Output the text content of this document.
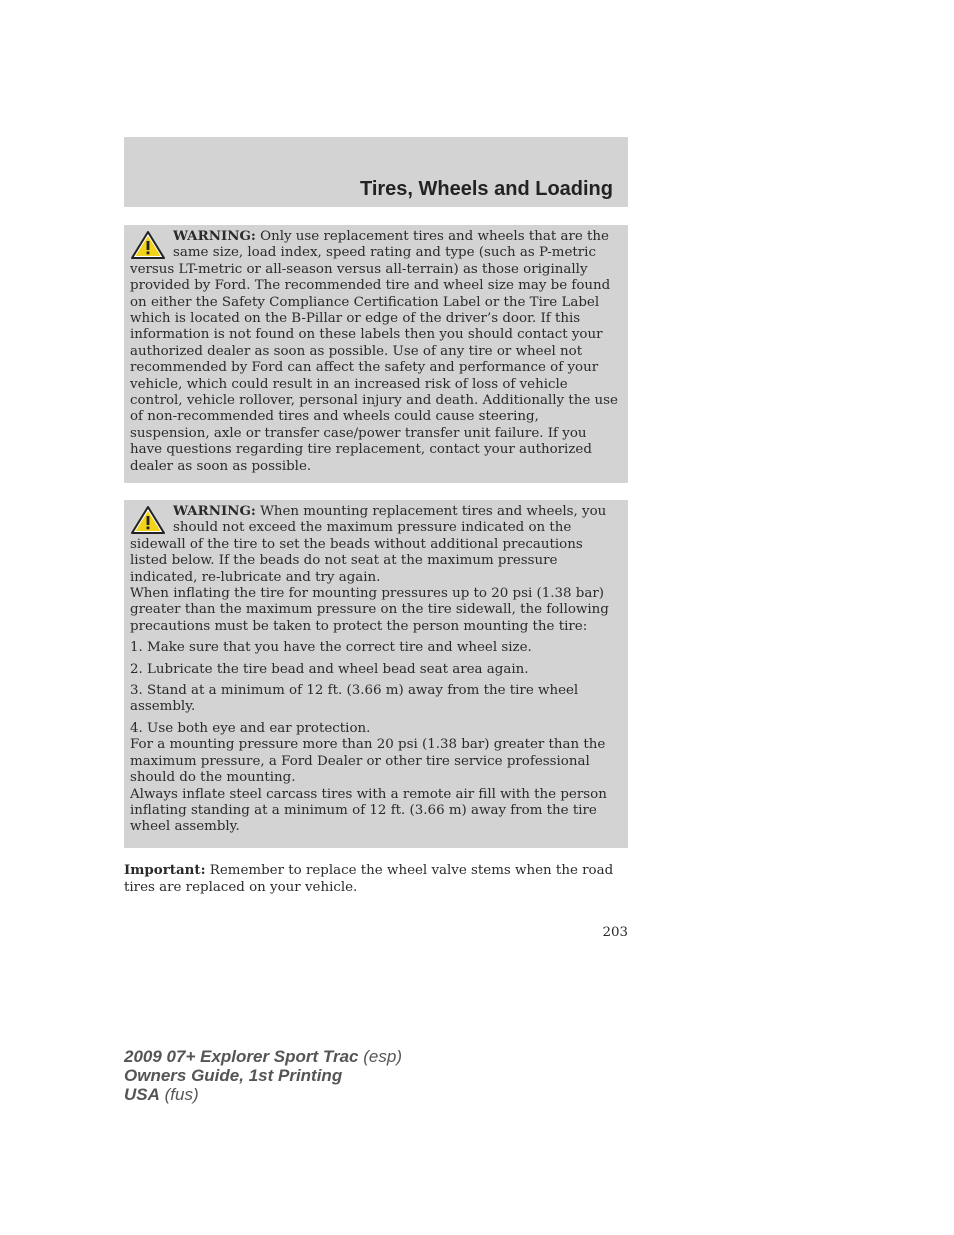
Tires, Wheels and Loading

WARNING: Only use replacement tires and wheels that are the same size, load index, speed rating and type (such as P-metric versus LT-metric or all-season versus all-terrain) as those originally provided by Ford. The recommended tire and wheel size may be found on either the Safety Compliance Certification Label or the Tire Label which is located on the B-Pillar or edge of the driver’s door. If this information is not found on these labels then you should contact your authorized dealer as soon as possible. Use of any tire or wheel not recommended by Ford can affect the safety and performance of your vehicle, which could result in an increased risk of loss of vehicle control, vehicle rollover, personal injury and death. Additionally the use of non-recommended tires and wheels could cause steering, suspension, axle or transfer case/power transfer unit failure. If you have questions regarding tire replacement, contact your authorized dealer as soon as possible.

WARNING: When mounting replacement tires and wheels, you should not exceed the maximum pressure indicated on the sidewall of the tire to set the beads without additional precautions listed below. If the beads do not seat at the maximum pressure indicated, re-lubricate and try again.

When inflating the tire for mounting pressures up to 20 psi (1.38 bar) greater than the maximum pressure on the tire sidewall, the following precautions must be taken to protect the person mounting the tire:

1. Make sure that you have the correct tire and wheel size.

2. Lubricate the tire bead and wheel bead seat area again.

3. Stand at a minimum of 12 ft. (3.66 m) away from the tire wheel assembly.

4. Use both eye and ear protection.

For a mounting pressure more than 20 psi (1.38 bar) greater than the maximum pressure, a Ford Dealer or other tire service professional should do the mounting.

Always inflate steel carcass tires with a remote air fill with the person inflating standing at a minimum of 12 ft. (3.66 m) away from the tire wheel assembly.

Important: Remember to replace the wheel valve stems when the road tires are replaced on your vehicle.
203
2009 07+ Explorer Sport Trac (esp)
Owners Guide, 1st Printing
USA (fus)
